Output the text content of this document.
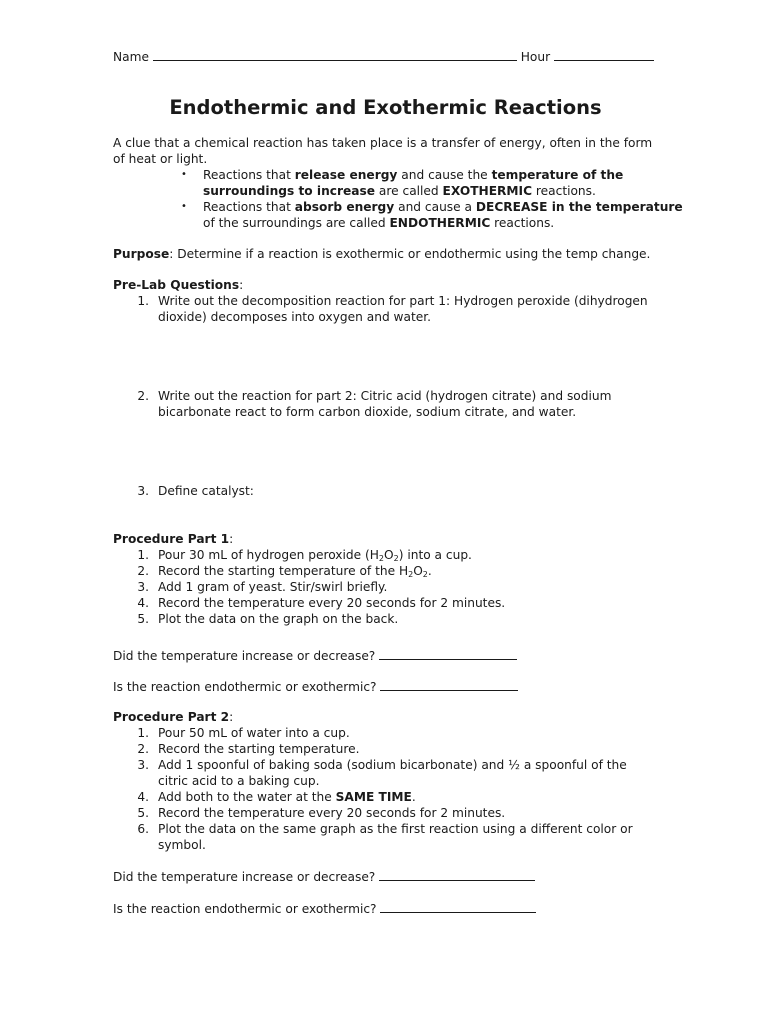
Name	Hour
Endothermic and Exothermic Reactions
A clue that a chemical reaction has taken place is a transfer of energy, often in the form
of heat or light.
• Reactions that release energy and cause the temperature of the
surroundings to increase are called EXOTHERMIC reactions.
• Reactions that absorb energy and cause a DECREASE in the temperature
of the surroundings are called ENDOTHERMIC reactions.
Purpose: Determine if a reaction is exothermic or endothermic using the temp change.
Pre-Lab Questions:
1. Write out the decomposition reaction for part 1: Hydrogen peroxide (dihydrogen
dioxide) decomposes into oxygen and water.
2. Write out the reaction for part 2: Citric acid (hydrogen citrate) and sodium
bicarbonate react to form carbon dioxide, sodium citrate, and water.
3. Define catalyst:
Procedure Part 1:
1. Pour 30 mL of hydrogen peroxide $(H_2O_2)$ into a cup.
2. Record the starting temperature of the $H_2O_2$.
3. Add 1 gram of yeast. Stir/swirl briefly.
4. Record the temperature every 20 seconds for 2 minutes.
5. Plot the data on the graph on the back.
Did the temperature increase or decrease?
Is the reaction endothermic or exothermic?
Procedure Part 2:
1. Pour 50 mL of water into a cup.
2. Record the starting temperature.
3. Add 1 spoonful of baking soda (sodium bicarbonate) and ½ a spoonful of the
citric acid to a baking cup.
4. Add both to the water at the SAME TIME.
5. Record the temperature every 20 seconds for 2 minutes.
6. Plot the data on the same graph as the first reaction using a different color or
symbol.
Did the temperature increase or decrease?
Is the reaction endothermic or exothermic?
